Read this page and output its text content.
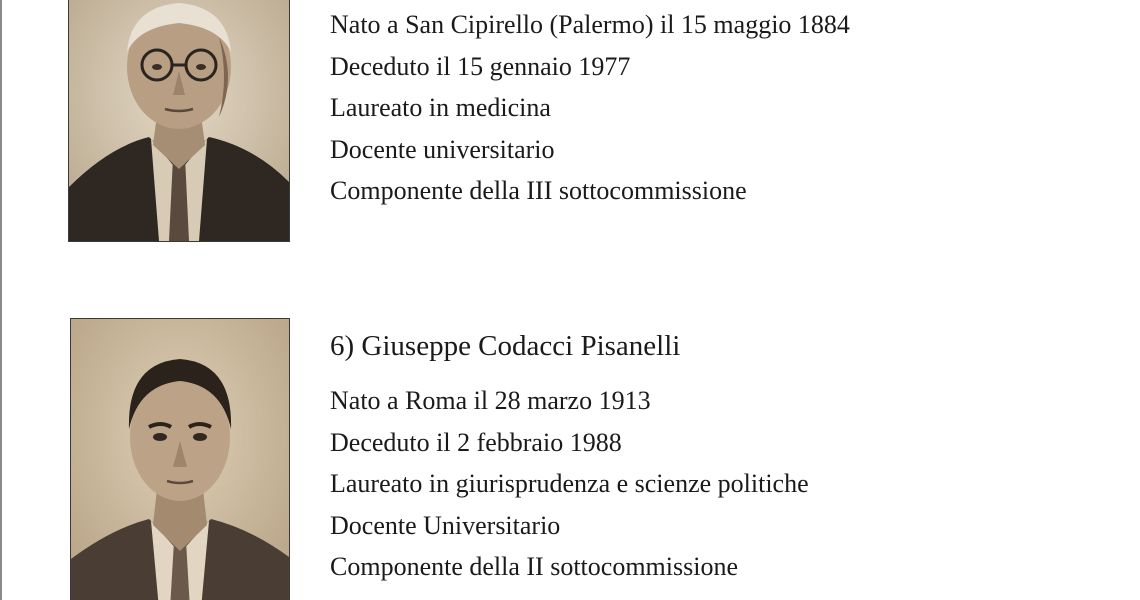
Nato a San Cipirello (Palermo) il 15 maggio 1884
Deceduto il 15 gennaio 1977
Laureato in medicina
Docente universitario
Componente della III sottocommissione
6) Giuseppe Codacci Pisanelli
Nato a Roma il 28 marzo 1913
Deceduto il 2 febbraio 1988
Laureato in giurisprudenza e scienze politiche
Docente Universitario
Componente della II sottocommissione
